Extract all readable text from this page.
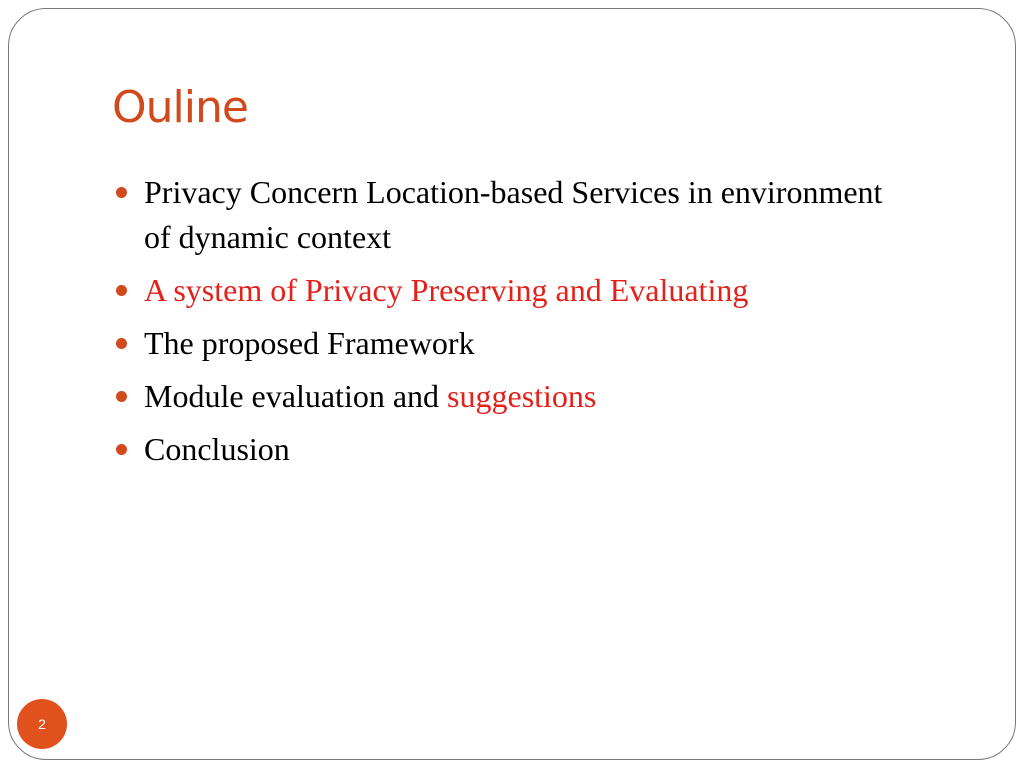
Ouline
Privacy Concern Location-based Services in environment of dynamic context
A system of Privacy Preserving and Evaluating
The proposed Framework
Module evaluation and suggestions
Conclusion
2
